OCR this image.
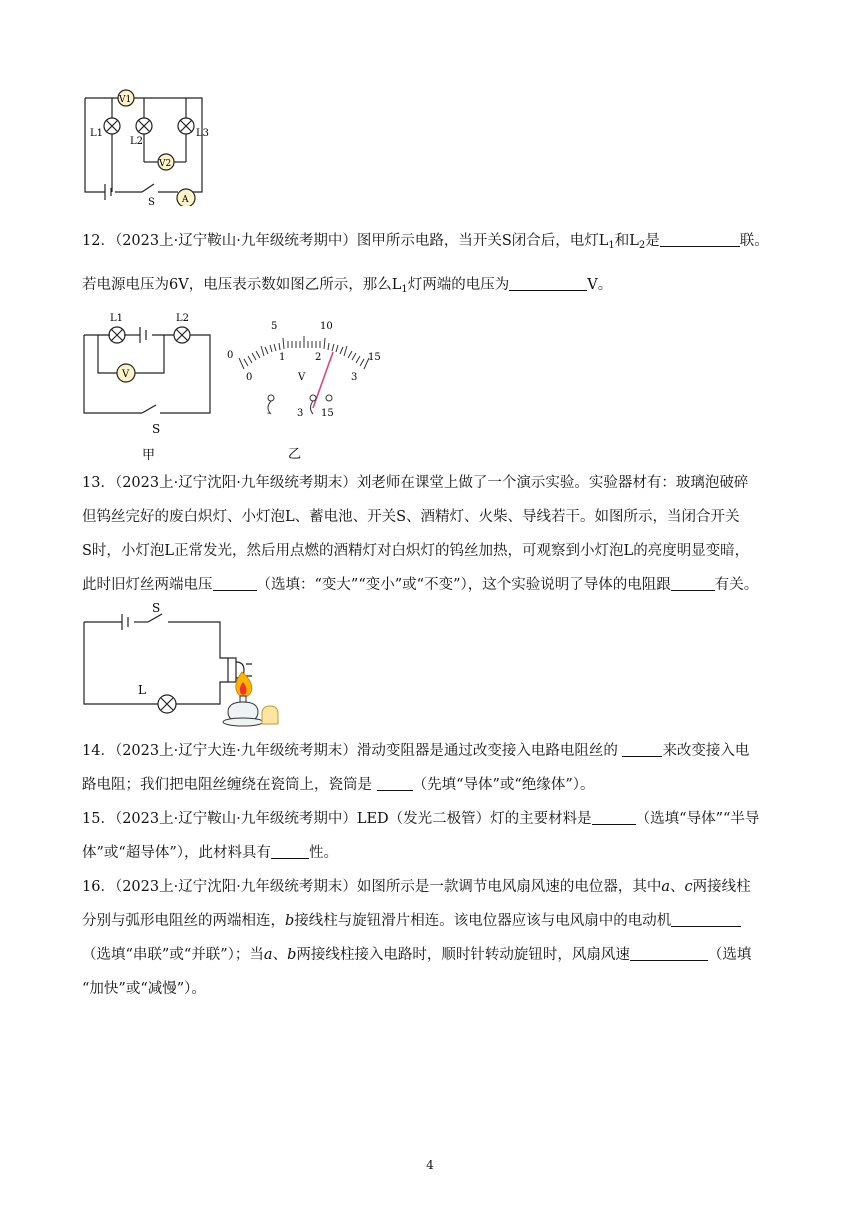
V1
L1
L2
L3
V2
A
S

12．（2023上·辽宁鞍山·九年级统考期中）图甲所示电路，当开关S闭合后，电灯$L_1$和$L_2$是	联。

若电源电压为6V，电压表示数如图乙所示，那么$L_1$灯两端的电压为	V。

L1	L2
V
S
甲
0
5	10
15
0
1	2
3
V
-	3 15
乙

13．（2023上·辽宁沈阳·九年级统考期末）刘老师在课堂上做了一个演示实验。实验器材有：玻璃泡破碎

但钨丝完好的废白炽灯、小灯泡L、蓄电池、开关S、酒精灯、火柴、导线若干。如图所示，当闭合开关

S时，小灯泡L正常发光，然后用点燃的酒精灯对白炽灯的钨丝加热，可观察到小灯泡L的亮度明显变暗，

此时旧灯丝两端电压	（选填：“变大”“变小”或“不变”），这个实验说明了导体的电阻跟	有关。

S
L

14．（2023上·辽宁大连·九年级统考期末）滑动变阻器是通过改变接入电路电阻丝的	来改变接入电

路电阻；我们把电阻丝缠绕在瓷筒上，瓷筒是 （先填“导体”或“绝缘体”）。

15．（2023上·辽宁鞍山·九年级统考期中）LED（发光二极管）灯的主要材料是	（选填“导体”“半导

体”或“超导体”），此材料具有	性。

16．（2023上·辽宁沈阳·九年级统考期末）如图所示是一款调节电风扇风速的电位器，其中a、c两接线柱

分别与弧形电阻丝的两端相连，b接线柱与旋钮滑片相连。该电位器应该与电风扇中的电动机

（选填“串联”或“并联”）；当a、b两接线柱接入电路时，顺时针转动旋钮时，风扇风速	（选填

“加快”或“减慢”）。

4
